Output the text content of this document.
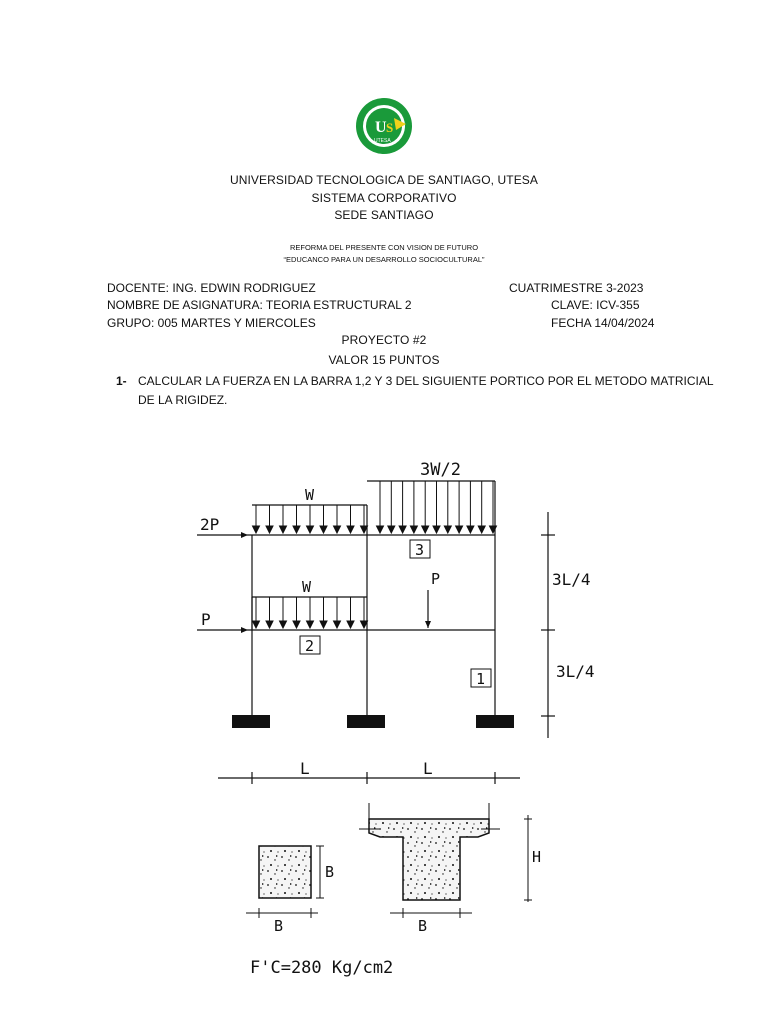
U S
UTESA
UNIVERSIDAD TECNOLOGICA DE SANTIAGO, UTESA
SISTEMA CORPORATIVO
SEDE SANTIAGO
REFORMA DEL PRESENTE CON VISION DE FUTURO
“EDUCANCO PARA UN DESARROLLO SOCIOCULTURAL”
DOCENTE: ING. EDWIN RODRIGUEZ
NOMBRE DE ASIGNATURA: TEORIA ESTRUCTURAL 2
GRUPO: 005 MARTES Y MIERCOLES
CUATRIMESTRE 3-2023
CLAVE: ICV-355
FECHA 14/04/2024
PROYECTO #2
VALOR 15 PUNTOS
1- CALCULAR LA FUERZA EN LA BARRA 1,2 Y 3 DEL SIGUIENTE PORTICO POR EL METODO MATRICIAL
DE LA RIGIDEZ.
3W/2
W
W
2P
P
P
3
2
1
3L/4
3L/4
L	L
B
B
H
B
F'C=280 Kg/cm2
